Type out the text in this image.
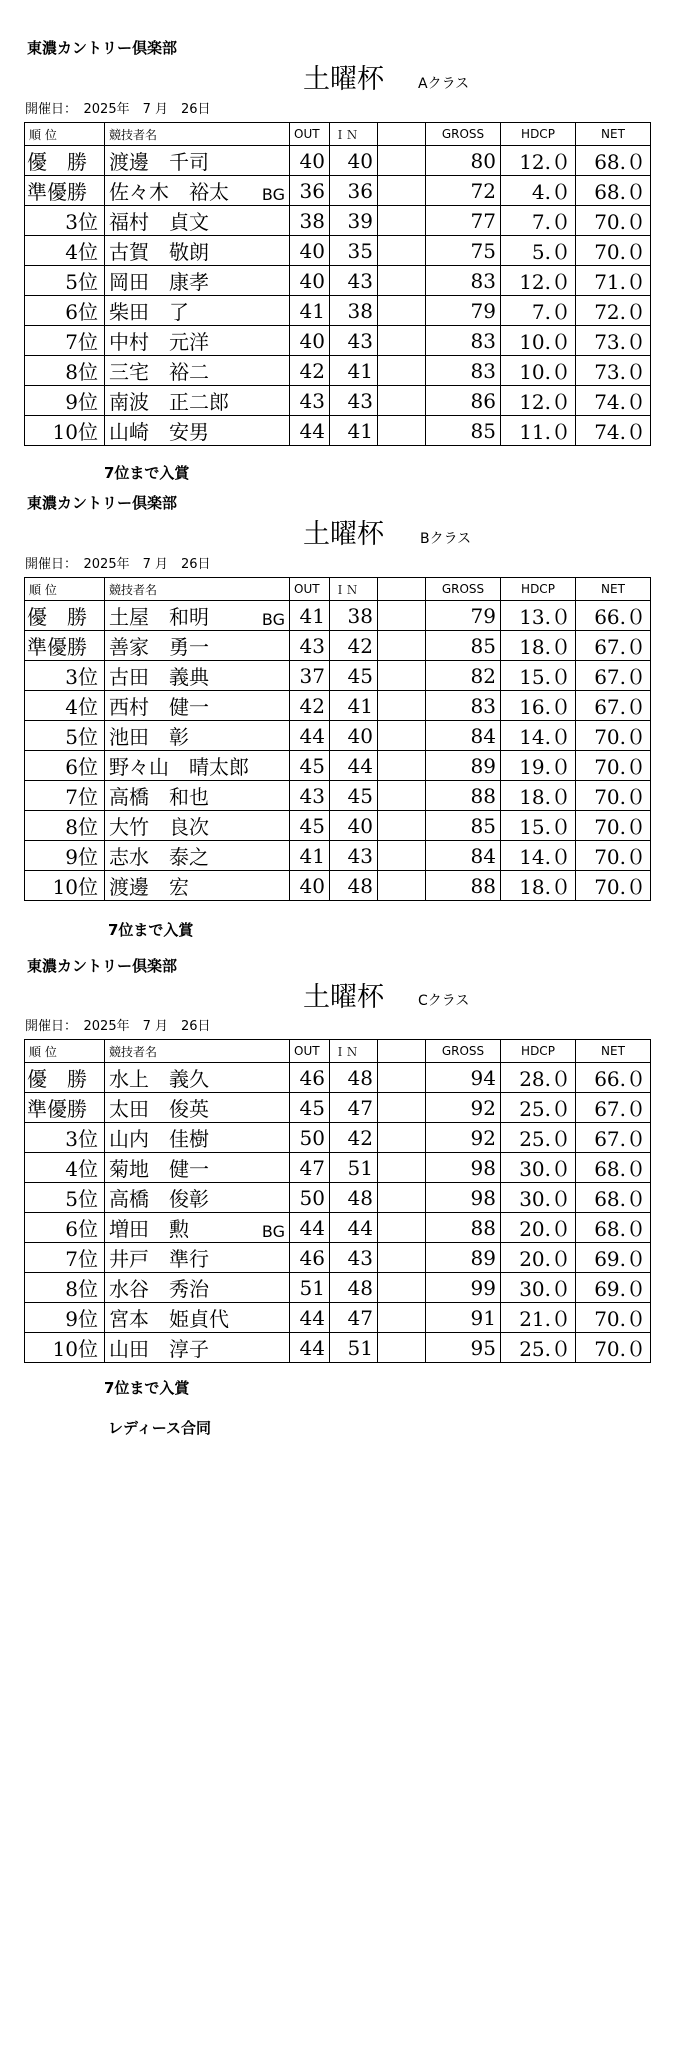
東濃カントリー倶楽部
土曜杯 Aクラス
開催日：　2025年　7 月　26日
順 位	競技者名	OUT	ＩＮ		GROSS	HDCP	NET
優　勝	渡邊　千司	40	40		80	12.０	68.０
準優勝	佐々木　裕太 BG	36	36		72	4.０	68.０
3位	福村　貞文	38	39		77	7.０	70.０
4位	古賀　敬朗	40	35		75	5.０	70.０
5位	岡田　康孝	40	43		83	12.０	71.０
6位	柴田　了	41	38		79	7.０	72.０
7位	中村　元洋	40	43		83	10.０	73.０
8位	三宅　裕二	42	41		83	10.０	73.０
9位	南波　正二郎	43	43		86	12.０	74.０
10位	山崎　安男	44	41		85	11.０	74.０
7位まで入賞
東濃カントリー倶楽部
土曜杯	Bクラス
開催日：　2025年　7 月　26日
順 位	競技者名	OUT	ＩＮ		GROSS	HDCP	NET
優　勝	土屋　和明 BG	41	38		79	13.０	66.０
準優勝	善家　勇一	43	42		85	18.０	67.０
3位	古田　義典	37	45		82	15.０	67.０
4位	西村　健一	42	41		83	16.０	67.０
5位	池田　彰	44	40		84	14.０	70.０
6位	野々山　晴太郎	45	44		89	19.０	70.０
7位	高橋　和也	43	45		88	18.０	70.０
8位	大竹　良次	45	40		85	15.０	70.０
9位	志水　泰之	41	43		84	14.０	70.０
10位	渡邊　宏	40	48		88	18.０	70.０
7位まで入賞
東濃カントリー倶楽部
土曜杯 Cクラス
開催日：　2025年　7 月　26日
順 位	競技者名	OUT	ＩＮ		GROSS	HDCP	NET
優　勝	水上　義久	46	48		94	28.０	66.０
準優勝	太田　俊英	45	47		92	25.０	67.０
3位	山内　佳樹	50	42		92	25.０	67.０
4位	菊地　健一	47	51		98	30.０	68.０
5位	高橋　俊彰	50	48		98	30.０	68.０
6位	増田　勲 BG	44	44		88	20.０	68.０
7位	井戸　準行	46	43		89	20.０	69.０
8位	水谷　秀治	51	48		99	30.０	69.０
9位	宮本　姫貞代	44	47		91	21.０	70.０
10位	山田　淳子	44	51		95	25.０	70.０
7位まで入賞
レディース合同
